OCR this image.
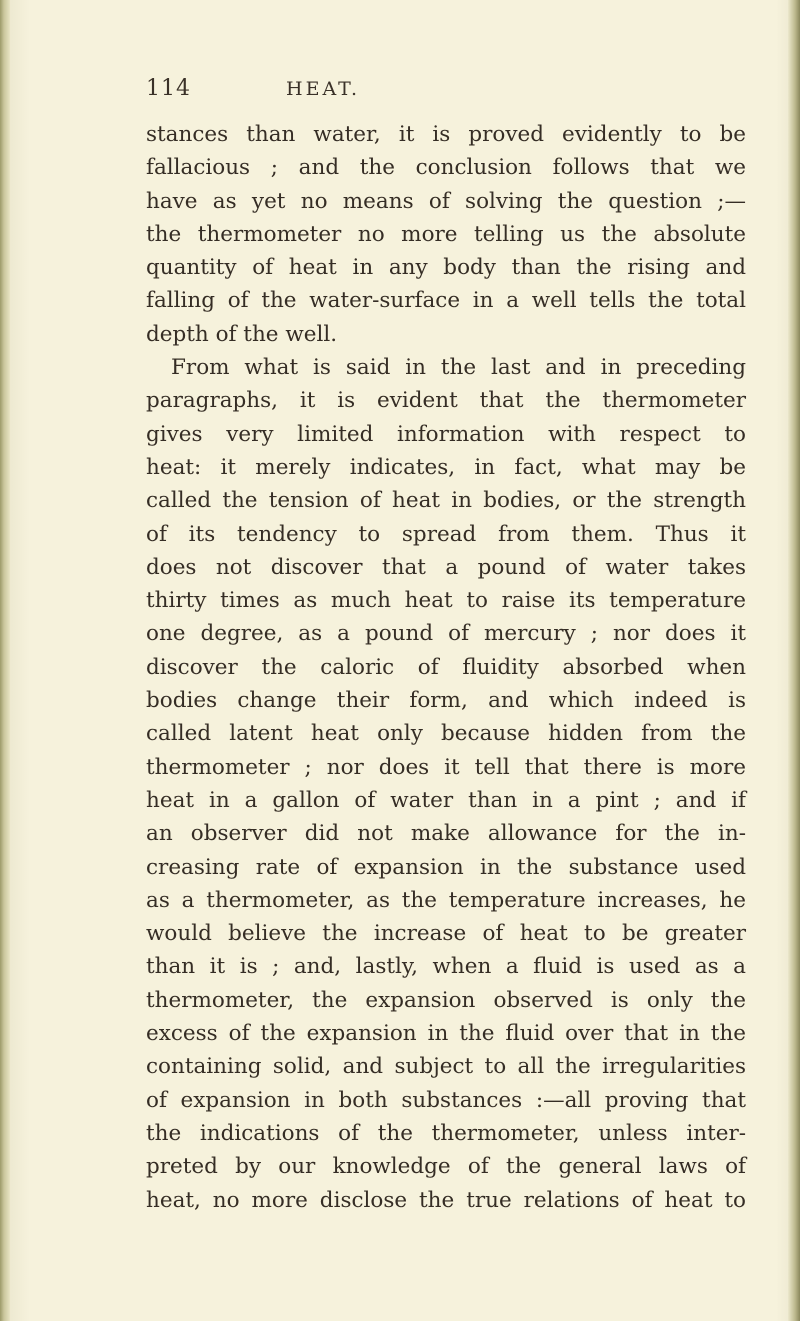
114	HEAT.
stances than water, it is proved evidently to be
fallacious ; and the conclusion follows that we
have as yet no means of solving the question ;—
the thermometer no more telling us the absolute
quantity of heat in any body than the rising and
falling of the water-surface in a well tells the total
depth of the well.
From what is said in the last and in preceding
paragraphs, it is evident that the thermometer
gives very limited information with respect to
heat: it merely indicates, in fact, what may be
called the tension of heat in bodies, or the strength
of its tendency to spread from them. Thus it
does not discover that a pound of water takes
thirty times as much heat to raise its temperature
one degree, as a pound of mercury ; nor does it
discover the caloric of fluidity absorbed when
bodies change their form, and which indeed is
called latent heat only because hidden from the
thermometer ; nor does it tell that there is more
heat in a gallon of water than in a pint ; and if
an observer did not make allowance for the in-
creasing rate of expansion in the substance used
as a thermometer, as the temperature increases, he
would believe the increase of heat to be greater
than it is ; and, lastly, when a fluid is used as a
thermometer, the expansion observed is only the
excess of the expansion in the fluid over that in the
containing solid, and subject to all the irregularities
of expansion in both substances :—all proving that
the indications of the thermometer, unless inter-
preted by our knowledge of the general laws of
heat, no more disclose the true relations of heat to
